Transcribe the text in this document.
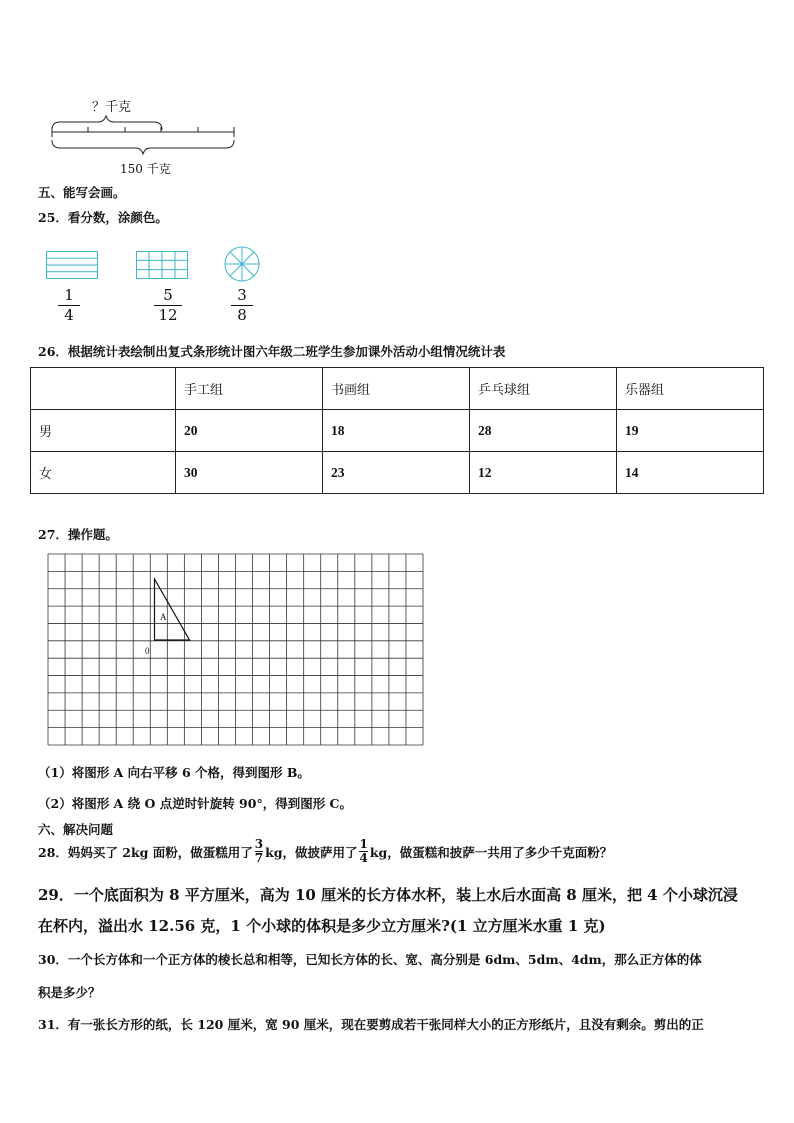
？千克
150 千克
五、能写会画。
25．看分数，涂颜色。
1
4
5
12
3
8
26．根据统计表绘制出复式条形统计图六年级二班学生参加课外活动小组情况统计表
	手工组	书画组	乒乓球组	乐器组
男	20	18	28	19
女	30	23	12	14
27．操作题。
A
0
（1）将图形 A 向右平移 6 个格，得到图形 B。
（2）将图形 A 绕 O 点逆时针旋转 90°，得到图形 C。
六、解决问题
28．妈妈买了 2kg 面粉，做蛋糕用了
3
7 kg，做披萨用了
1
4 kg，做蛋糕和披萨一共用了多少千克面粉？
29．一个底面积为 8 平方厘米，高为 10 厘米的长方体水杯，装上水后水面高 8 厘米，把 4 个小球沉浸
在杯内，溢出水 12.56 克，1 个小球的体积是多少立方厘米?(1 立方厘米水重 1 克)
30．一个长方体和一个正方体的棱长总和相等，已知长方体的长、宽、高分别是 6dm、5dm、4dm，那么正方体的体
积是多少？
31．有一张长方形的纸，长 120 厘米，宽 90 厘米，现在要剪成若干张同样大小的正方形纸片，且没有剩余。剪出的正
